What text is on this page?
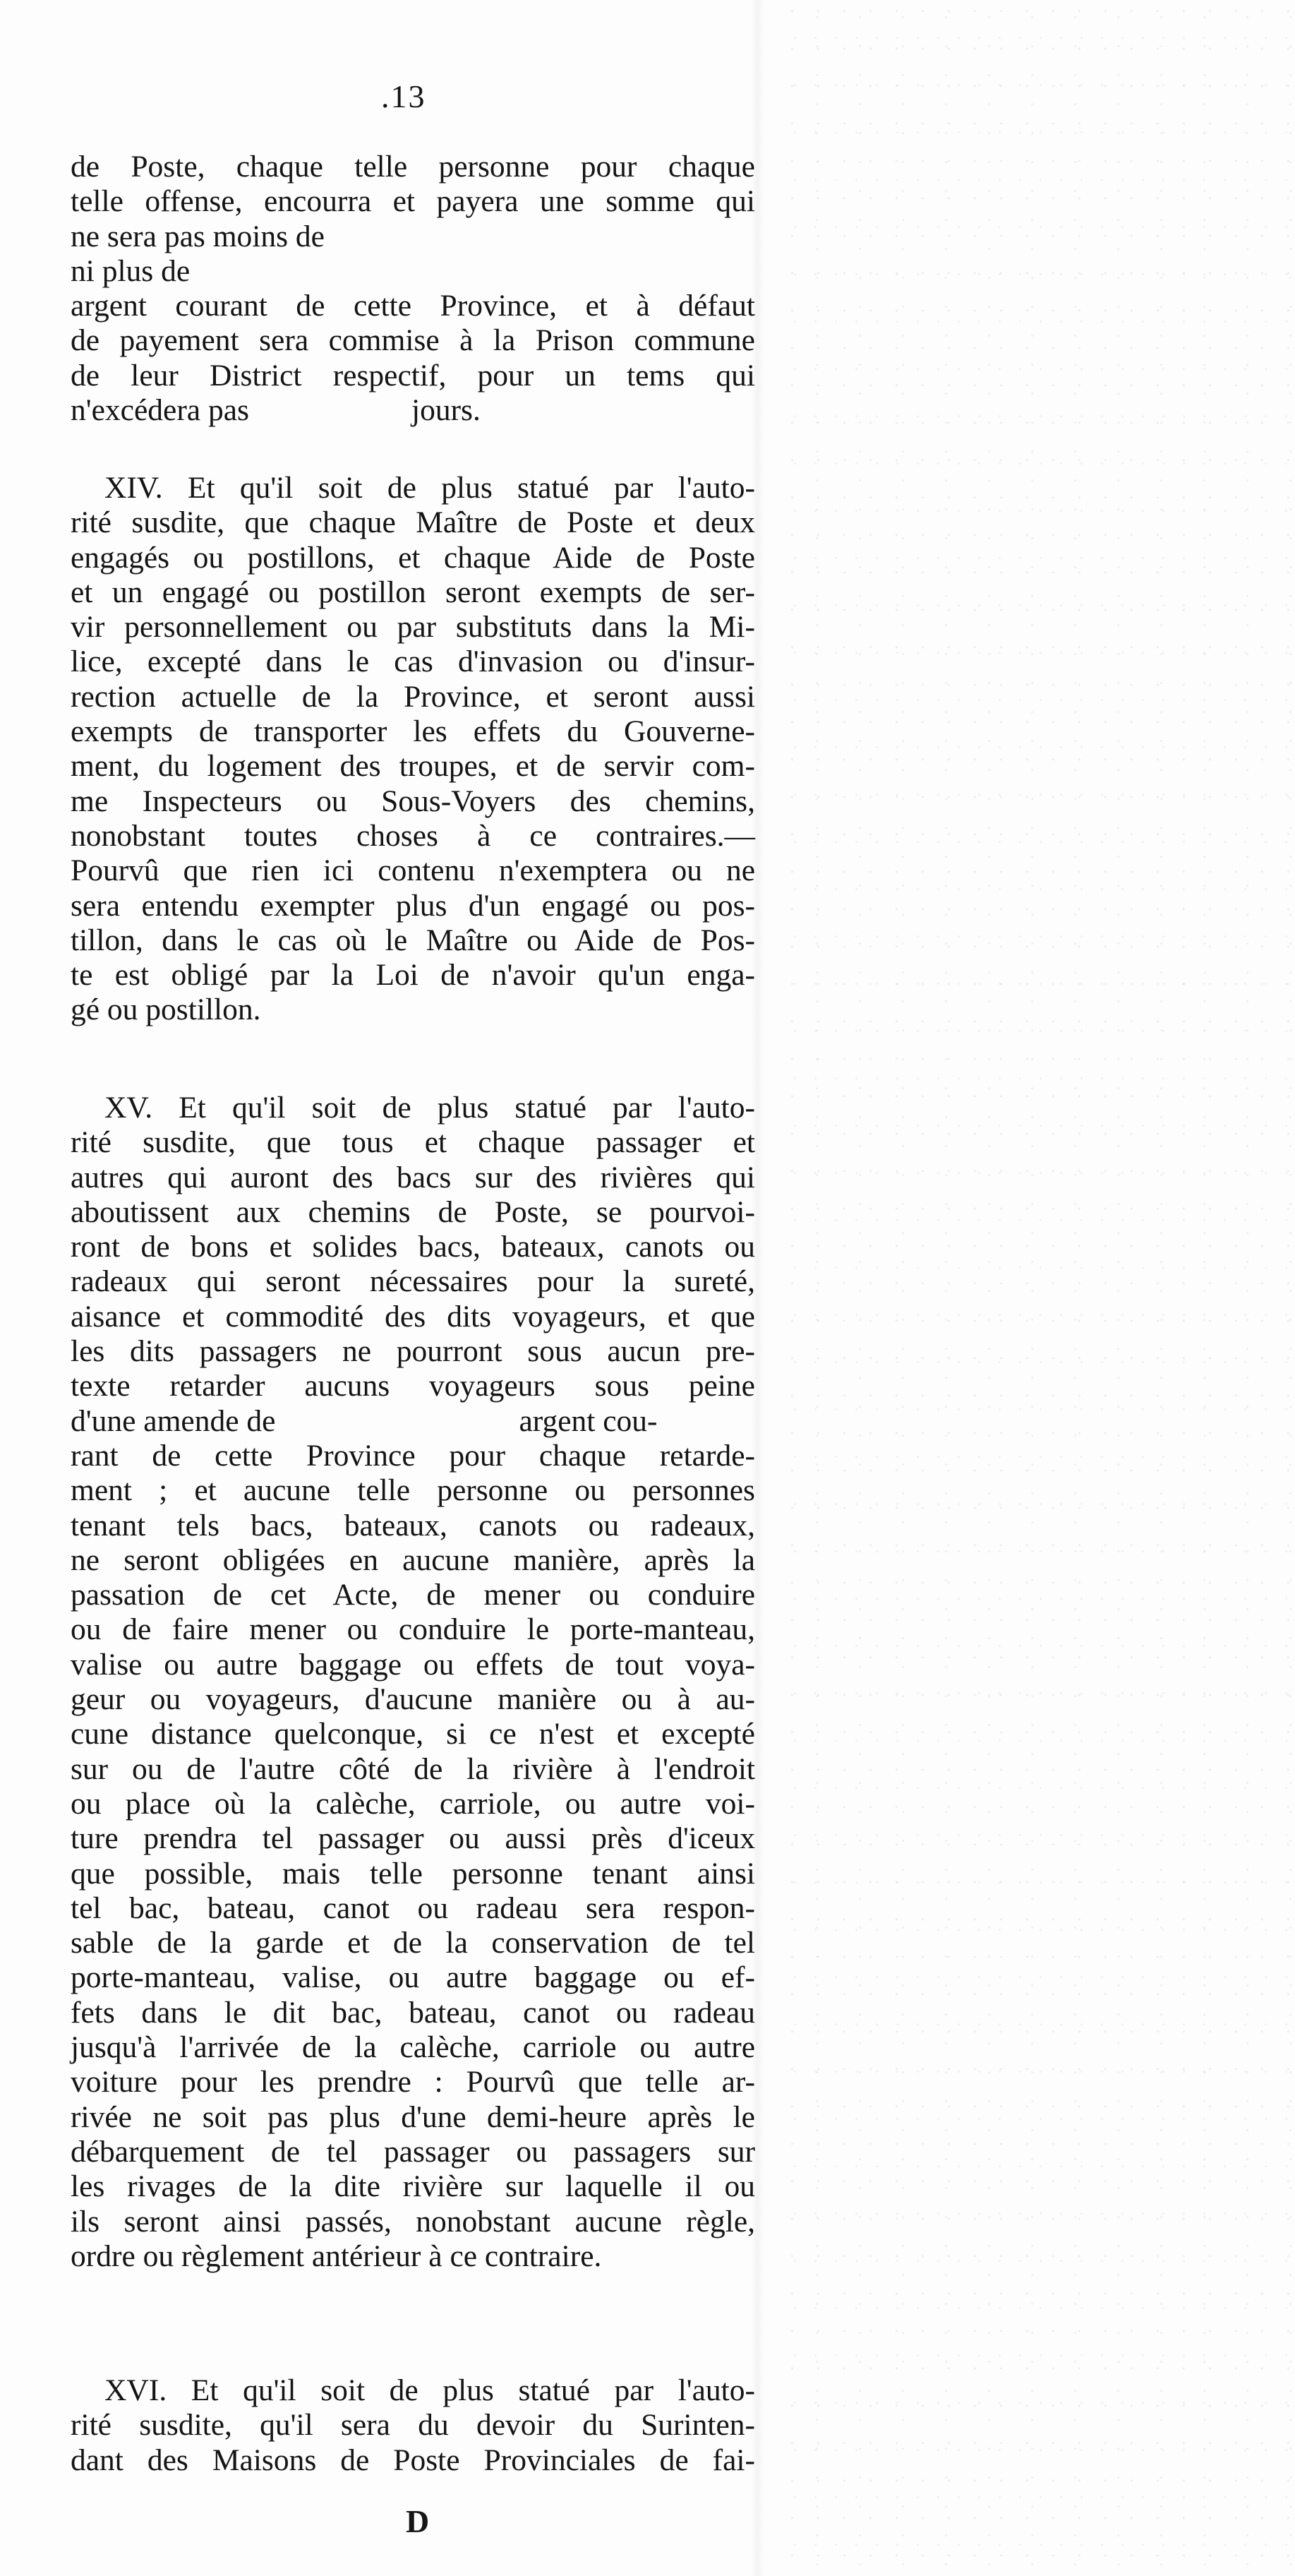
.13
de Poste, chaque telle personne pour chaque
telle offense, encourra et payera une somme qui
ne sera pas moins de
ni plus de
argent courant de cette Province, et à défaut
de payement sera commise à la Prison commune
de leur District respectif, pour un tems qui
n'excédera pas	jours.
XIV. Et qu'il soit de plus statué par l'auto-
rité susdite, que chaque Maître de Poste et deux
engagés ou postillons, et chaque Aide de Poste
et un engagé ou postillon seront exempts de ser-
vir personnellement ou par substituts dans la Mi-
lice, excepté dans le cas d'invasion ou d'insur-
rection actuelle de la Province, et seront aussi
exempts de transporter les effets du Gouverne-
ment, du logement des troupes, et de servir com-
me Inspecteurs ou Sous-Voyers des chemins,
nonobstant toutes choses à ce contraires.—
Pourvû que rien ici contenu n'exemptera ou ne
sera entendu exempter plus d'un engagé ou pos-
tillon, dans le cas où le Maître ou Aide de Pos-
te est obligé par la Loi de n'avoir qu'un enga-
gé ou postillon.
XV. Et qu'il soit de plus statué par l'auto-
rité susdite, que tous et chaque passager et
autres qui auront des bacs sur des rivières qui
aboutissent aux chemins de Poste, se pourvoi-
ront de bons et solides bacs, bateaux, canots ou
radeaux qui seront nécessaires pour la sureté,
aisance et commodité des dits voyageurs, et que
les dits passagers ne pourront sous aucun pre-
texte retarder aucuns voyageurs sous peine
d'une amende de	argent cou-
rant de cette Province pour chaque retarde-
ment ; et aucune telle personne ou personnes
tenant tels bacs, bateaux, canots ou radeaux,
ne seront obligées en aucune manière, après la
passation de cet Acte, de mener ou conduire
ou de faire mener ou conduire le porte-manteau,
valise ou autre baggage ou effets de tout voya-
geur ou voyageurs, d'aucune manière ou à au-
cune distance quelconque, si ce n'est et excepté
sur ou de l'autre côté de la rivière à l'endroit
ou place où la calèche, carriole, ou autre voi-
ture prendra tel passager ou aussi près d'iceux
que possible, mais telle personne tenant ainsi
tel bac, bateau, canot ou radeau sera respon-
sable de la garde et de la conservation de tel
porte-manteau, valise, ou autre baggage ou ef-
fets dans le dit bac, bateau, canot ou radeau
jusqu'à l'arrivée de la calèche, carriole ou autre
voiture pour les prendre : Pourvû que telle ar-
rivée ne soit pas plus d'une demi-heure après le
débarquement de tel passager ou passagers sur
les rivages de la dite rivière sur laquelle il ou
ils seront ainsi passés, nonobstant aucune règle,
ordre ou règlement antérieur à ce contraire.
XVI. Et qu'il soit de plus statué par l'auto-
rité susdite, qu'il sera du devoir du Surinten-
dant des Maisons de Poste Provinciales de fai-
D
